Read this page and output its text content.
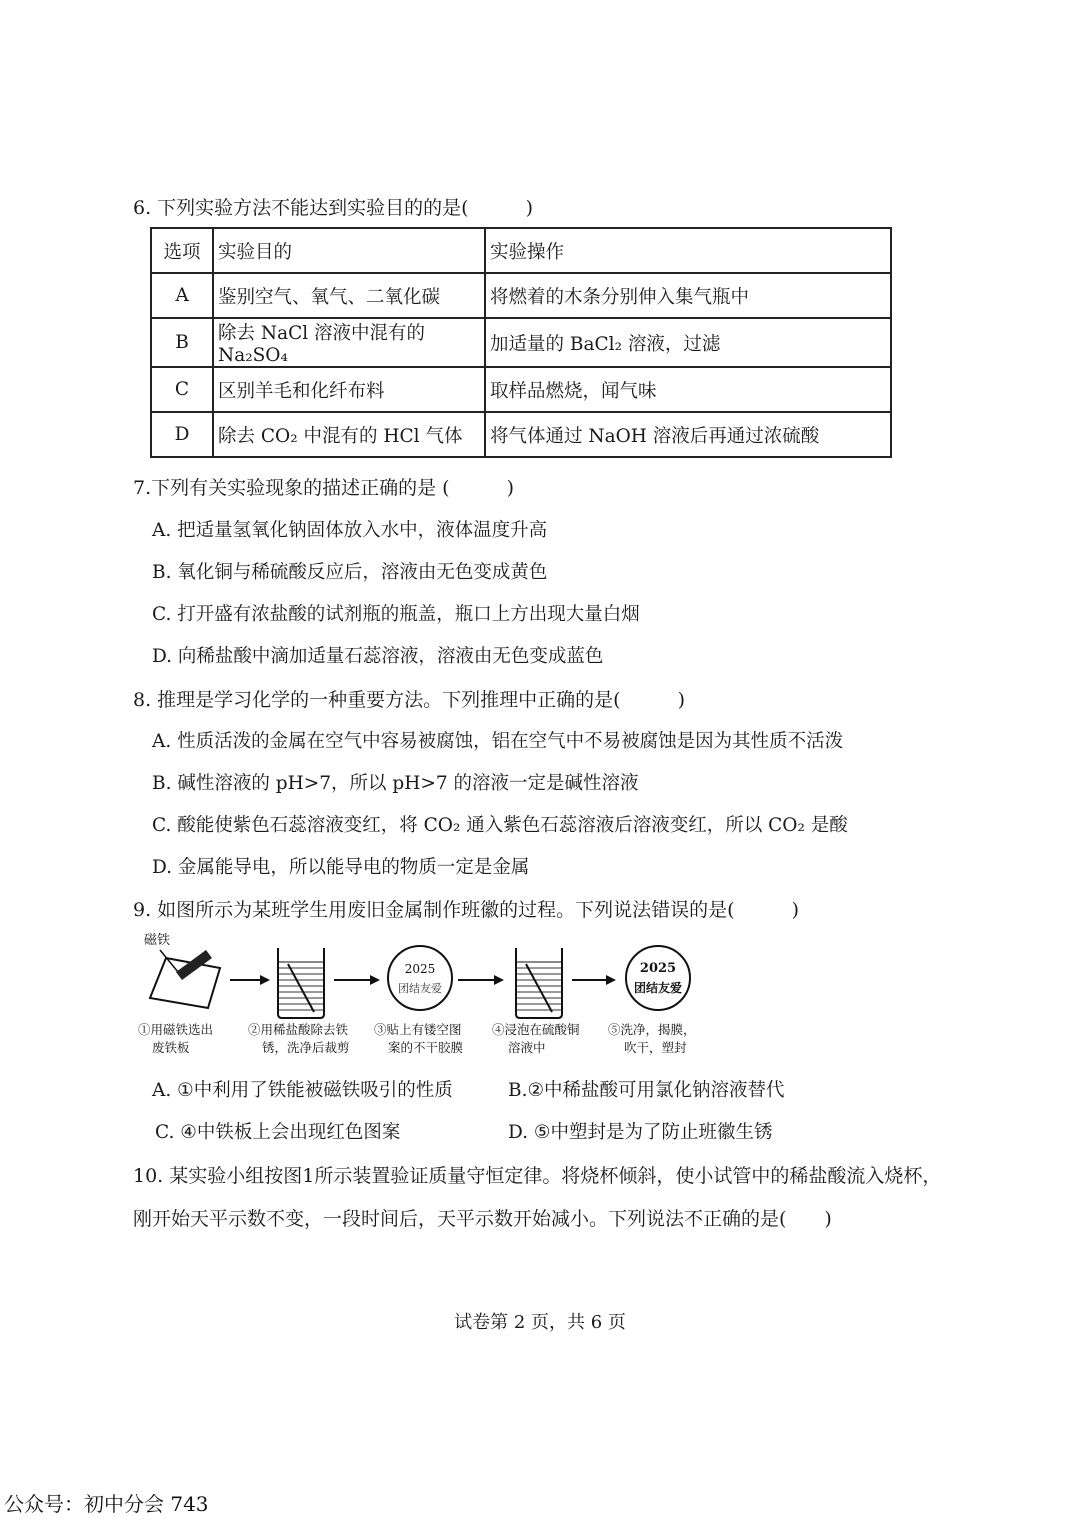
6. 下列实验方法不能达到实验目的的是(　　　)
选项	实验目的	实验操作
A	鉴别空气、氧气、二氧化碳	将燃着的木条分别伸入集气瓶中
B	除去 NaCl 溶液中混有的 Na₂SO₄	加适量的 BaCl₂ 溶液，过滤
C	区别羊毛和化纤布料	取样品燃烧，闻气味
D	除去 CO₂ 中混有的 HCl 气体	将气体通过 NaOH 溶液后再通过浓硫酸
7.下列有关实验现象的描述正确的是 (　　　)
A. 把适量氢氧化钠固体放入水中，液体温度升高
B. 氧化铜与稀硫酸反应后，溶液由无色变成黄色
C. 打开盛有浓盐酸的试剂瓶的瓶盖，瓶口上方出现大量白烟
D. 向稀盐酸中滴加适量石蕊溶液，溶液由无色变成蓝色
8. 推理是学习化学的一种重要方法。下列推理中正确的是(　　　)
A. 性质活泼的金属在空气中容易被腐蚀，铝在空气中不易被腐蚀是因为其性质不活泼
B. 碱性溶液的 pH>7，所以 pH>7 的溶液一定是碱性溶液
C. 酸能使紫色石蕊溶液变红，将 CO₂ 通入紫色石蕊溶液后溶液变红，所以 CO₂ 是酸
D. 金属能导电，所以能导电的物质一定是金属
9. 如图所示为某班学生用废旧金属制作班徽的过程。下列说法错误的是(　　　)
磁铁
2025
团结友爱
2025
团结友爱
①用磁铁选出
废铁板
②用稀盐酸除去铁
锈，洗净后裁剪
③贴上有镂空图
案的不干胶膜
④浸泡在硫酸铜
溶液中
⑤洗净，揭膜，
吹干，塑封
A. ①中利用了铁能被磁铁吸引的性质	B.②中稀盐酸可用氯化钠溶液替代
C. ④中铁板上会出现红色图案	D. ⑤中塑封是为了防止班徽生锈
10. 某实验小组按图1所示装置验证质量守恒定律。将烧杯倾斜，使小试管中的稀盐酸流入烧杯，
刚开始天平示数不变，一段时间后，天平示数开始减小。下列说法不正确的是(　　)
试卷第 2 页，共 6 页
公众号：初中分会 743
